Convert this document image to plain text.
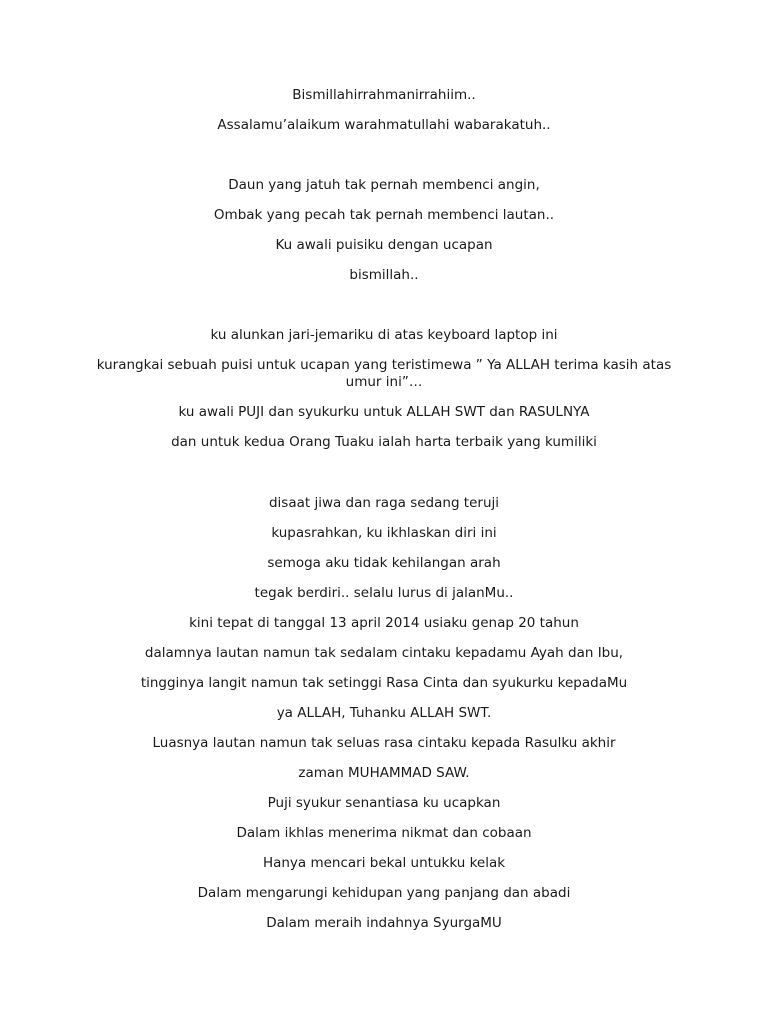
Bismillahirrahmanirrahiim..
Assalamu’alaikum warahmatullahi wabarakatuh..
Daun yang jatuh tak pernah membenci angin,
Ombak yang pecah tak pernah membenci lautan..
Ku awali puisiku dengan ucapan
bismillah..
ku alunkan jari-jemariku di atas keyboard laptop ini
kurangkai sebuah puisi untuk ucapan yang teristimewa ” Ya ALLAH terima kasih atas umur ini”…
ku awali PUJI dan syukurku untuk ALLAH SWT dan RASULNYA
dan untuk kedua Orang Tuaku ialah harta terbaik yang kumiliki
disaat jiwa dan raga sedang teruji
kupasrahkan, ku ikhlaskan diri ini
semoga aku tidak kehilangan arah
tegak berdiri.. selalu lurus di jalanMu..
kini tepat di tanggal 13 april 2014 usiaku genap 20 tahun
dalamnya lautan namun tak sedalam cintaku kepadamu Ayah dan Ibu,
tingginya langit namun tak setinggi Rasa Cinta dan syukurku kepadaMu
ya ALLAH, Tuhanku ALLAH SWT.
Luasnya lautan namun tak seluas rasa cintaku kepada Rasulku akhir
zaman MUHAMMAD SAW.
Puji syukur senantiasa ku ucapkan
Dalam ikhlas menerima nikmat dan cobaan
Hanya mencari bekal untukku kelak
Dalam mengarungi kehidupan yang panjang dan abadi
Dalam meraih indahnya SyurgaMU
